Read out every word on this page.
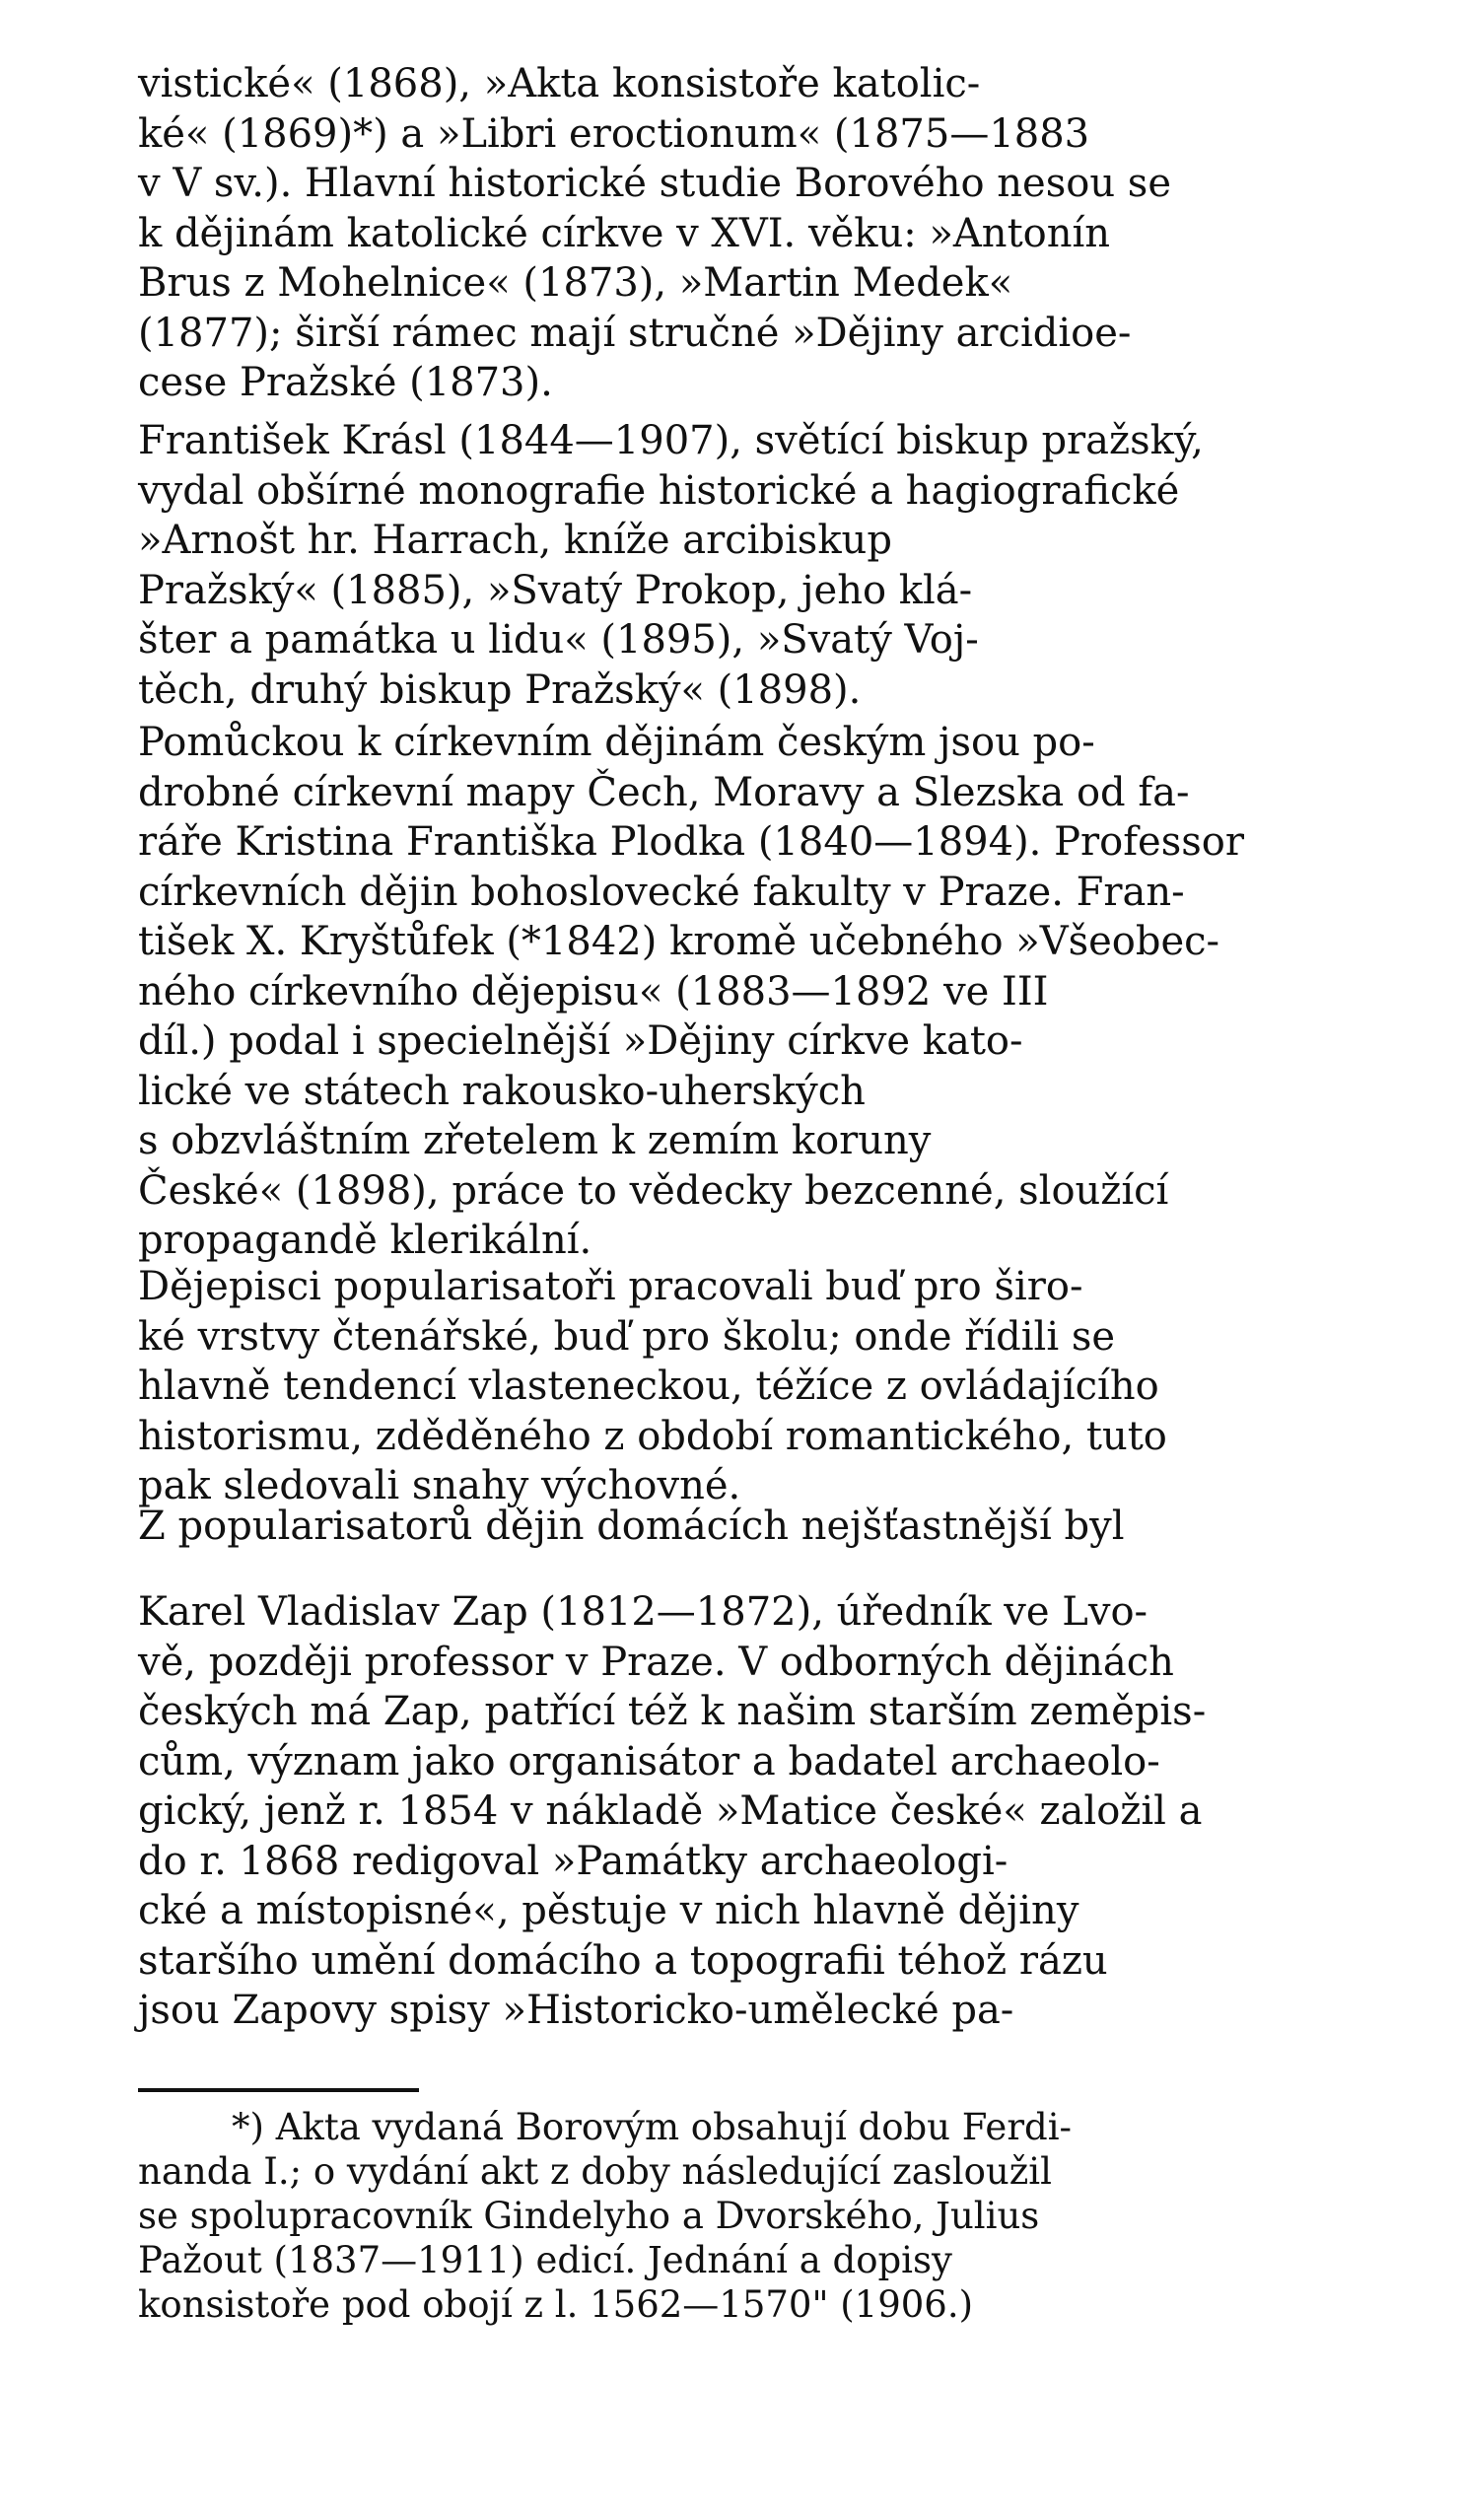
vistické« (1868), »Akta konsistoře katolic-
ké« (1869)*) a »Libri eroctionum« (1875—1883
v V sv.). Hlavní historické studie Borového nesou se
k dějinám katolické církve v XVI. věku: »Antonín
Brus z Mohelnice« (1873), »Martin Medek«
(1877); širší rámec mají stručné »Dějiny arcidioe-
cese Pražské (1873).
František Krásl (1844—1907), světící biskup pražský,
vydal obšírné monografie historické a hagiografické
»Arnošt hr. Harrach, kníže arcibiskup
Pražský« (1885), »Svatý Prokop, jeho klá-
šter a památka u lidu« (1895), »Svatý Voj-
těch, druhý biskup Pražský« (1898).
Pomůckou k církevním dějinám českým jsou po-
drobné církevní mapy Čech, Moravy a Slezska od fa-
ráře Kristina Františka Plodka (1840—1894). Professor
církevních dějin bohoslovecké fakulty v Praze. Fran-
tišek X. Kryštůfek (*1842) kromě učebného »Všeobec-
ného církevního dějepisu« (1883—1892 ve III
díl.) podal i specielnější »Dějiny církve kato-
lické ve státech rakousko-uherských
s obzvláštním zřetelem k zemím koruny
České« (1898), práce to vědecky bezcenné, sloužící
propagandě klerikální.
Dějepisci popularisatoři pracovali buď pro širo-
ké vrstvy čtenářské, buď pro školu; onde řídili se
hlavně tendencí vlasteneckou, téžíce z ovládajícího
historismu, zděděného z období romantického, tuto
pak sledovali snahy výchovné.
Z popularisatorů dějin domácích nejšťastnější byl
Karel Vladislav Zap (1812—1872), úředník ve Lvo-
vě, později professor v Praze. V odborných dějinách
českých má Zap, patřící též k našim starším zeměpis-
cům, význam jako organisátor a badatel archaeolo-
gický, jenž r. 1854 v nákladě »Matice české« založil a
do r. 1868 redigoval »Památky archaeologi-
cké a místopisné«, pěstuje v nich hlavně dějiny
staršího umění domácího a topografii téhož rázu
jsou Zapovy spisy »Historicko-umělecké pa-
*) Akta vydaná Borovým obsahují dobu Ferdi-
nanda I.; o vydání akt z doby následující zasloužil
se spolupracovník Gindelyho a Dvorského, Julius
Pažout (1837—1911) edicí. Jednání a dopisy
konsistoře pod obojí z l. 1562—1570" (1906.)
